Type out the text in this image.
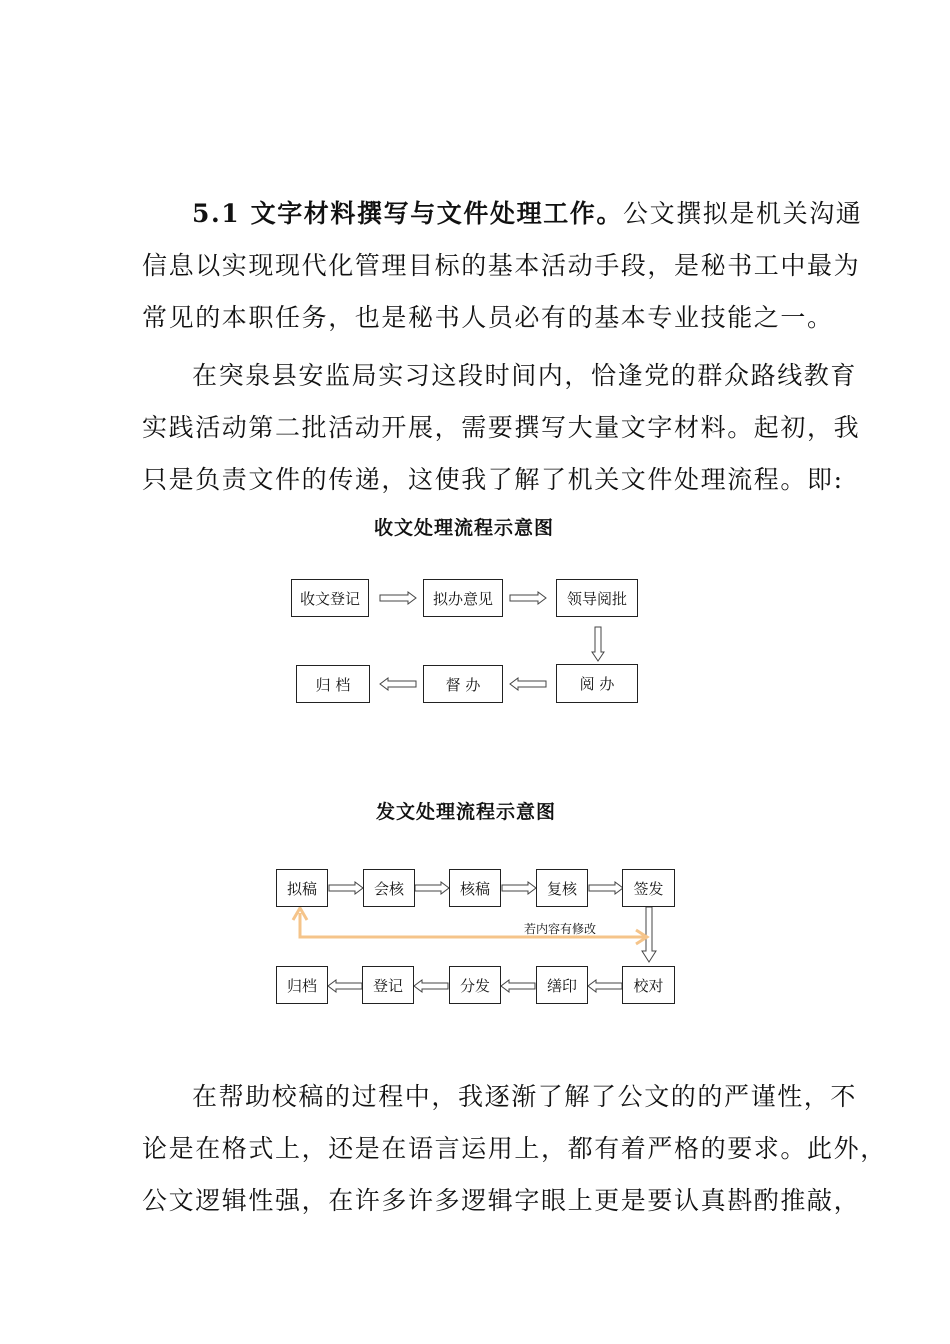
5.1 文字材料撰写与文件处理工作。公文撰拟是机关沟通
信息以实现现代化管理目标的基本活动手段，是秘书工中最为
常见的本职任务，也是秘书人员必有的基本专业技能之一。
在突泉县安监局实习这段时间内，恰逢党的群众路线教育
实践活动第二批活动开展，需要撰写大量文字材料。起初，我
只是负责文件的传递，这使我了解了机关文件处理流程。即:
收文处理流程示意图
收文登记	拟办意见	领导阅批
阅 办
督 办
归 档
发文处理流程示意图
拟稿	会核	核稿	复核	签发
校对
缮印
分发
登记
归档
若内容有修改
在帮助校稿的过程中，我逐渐了解了公文的的严谨性，不
论是在格式上，还是在语言运用上，都有着严格的要求。此外，
公文逻辑性强，在许多许多逻辑字眼上更是要认真斟酌推敲，
